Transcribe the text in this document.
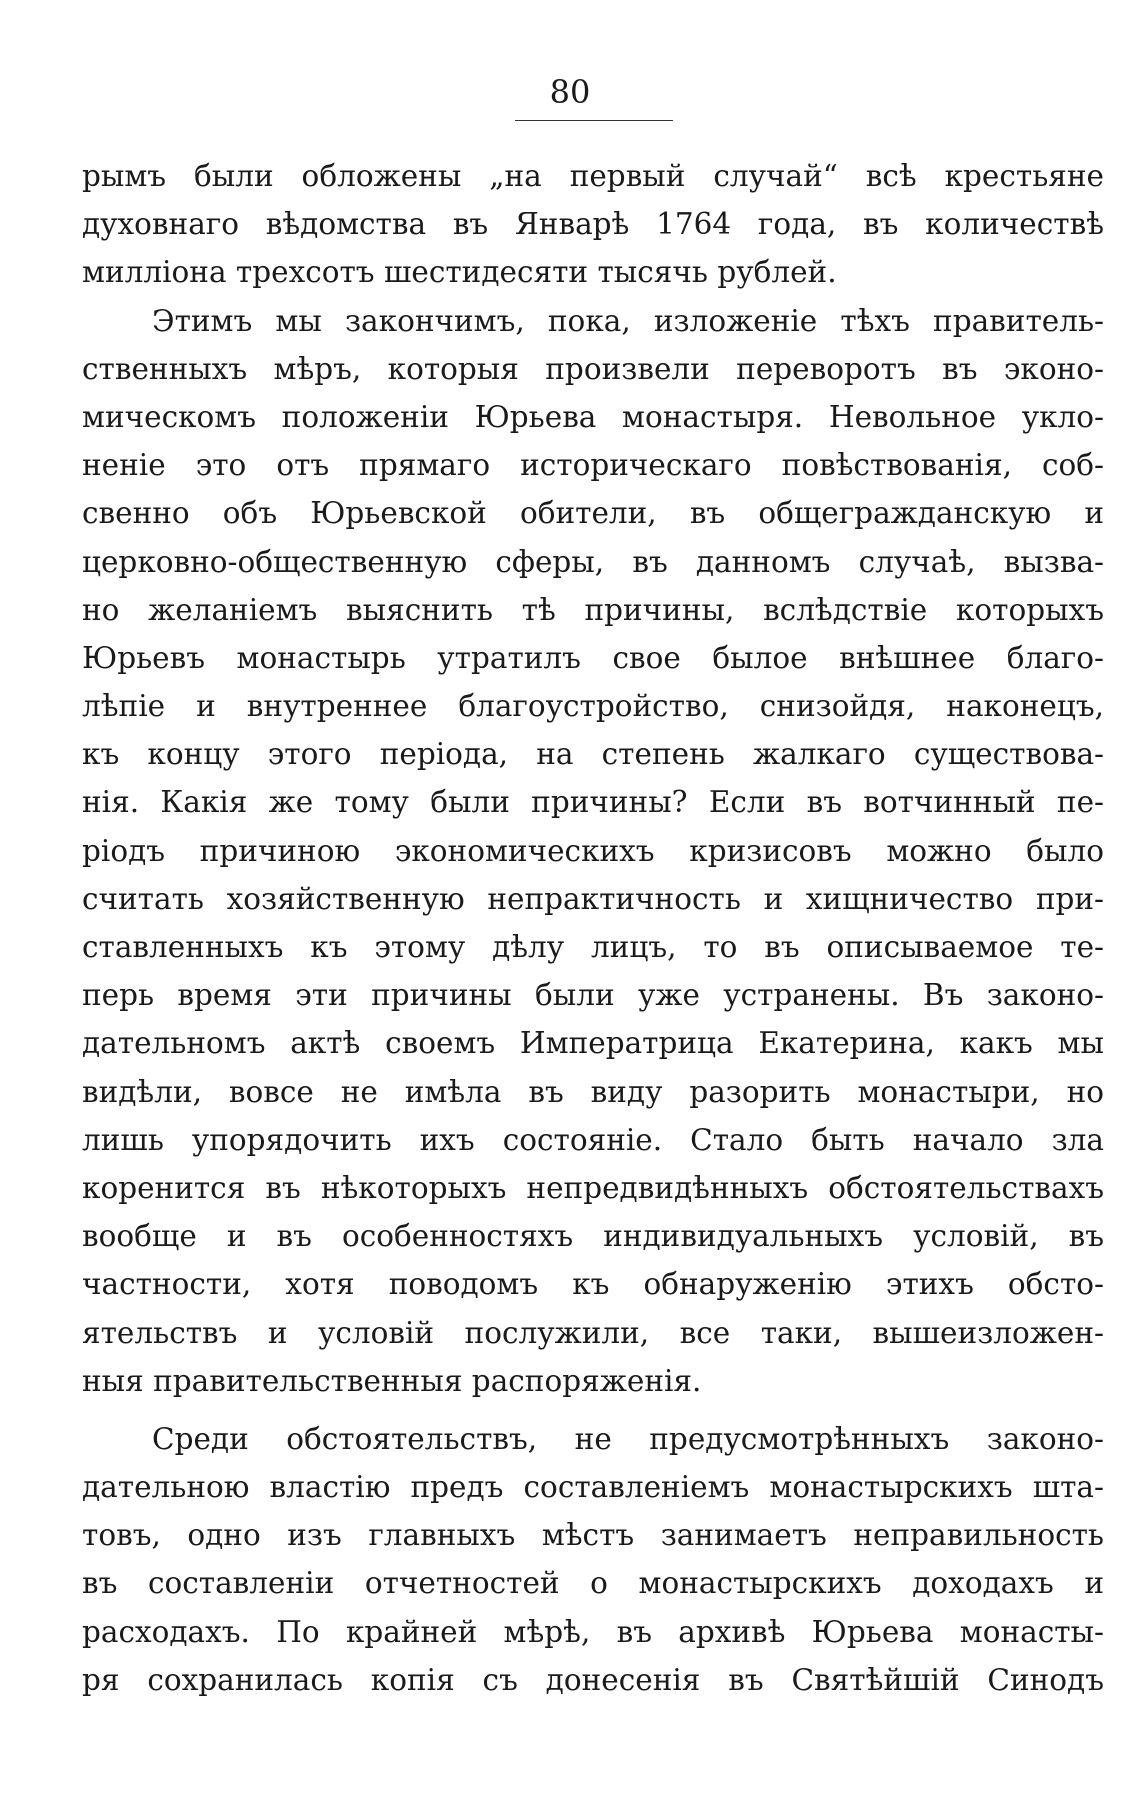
80
рымъ были обложены „на первый случай“ всѣ крестьяне
духовнаго вѣдомства въ Январѣ 1764 года, въ количествѣ
милліона трехсотъ шестидесяти тысячь рублей.
Этимъ мы закончимъ, пока, изложеніе тѣхъ правитель-
ственныхъ мѣръ, которыя произвели переворотъ въ эконо-
мическомъ положеніи Юрьева монастыря. Невольное укло-
неніе это отъ прямаго историческаго повѣствованія, соб-
свенно объ Юрьевской обители, въ общегражданскую и
церковно-общественную сферы, въ данномъ случаѣ, вызва-
но желаніемъ выяснить тѣ причины, вслѣдствіе которыхъ
Юрьевъ монастырь утратилъ свое былое внѣшнее благо-
лѣпіе и внутреннее благоустройство, снизойдя, наконецъ,
къ концу этого періода, на степень жалкаго существова-
нія. Какія же тому были причины? Если въ вотчинный пе-
ріодъ причиною экономическихъ кризисовъ можно было
считать хозяйственную непрактичность и хищничество при-
ставленныхъ къ этому дѣлу лицъ, то въ описываемое те-
перь время эти причины были уже устранены. Въ законо-
дательномъ актѣ своемъ Императрица Екатерина, какъ мы
видѣли, вовсе не имѣла въ виду разорить монастыри, но
лишь упорядочить ихъ состояніе. Стало быть начало зла
коренится въ нѣкоторыхъ непредвидѣнныхъ обстоятельствахъ
вообще и въ особенностяхъ индивидуальныхъ условій, въ
частности, хотя поводомъ къ обнаруженію этихъ обсто-
ятельствъ и условій послужили, все таки, вышеизложен-
ныя правительственныя распоряженія.
Среди обстоятельствъ, не предусмотрѣнныхъ законо-
дательною властію предъ составленіемъ монастырскихъ шта-
товъ, одно изъ главныхъ мѣстъ занимаетъ неправильность
въ составленіи отчетностей о монастырскихъ доходахъ и
расходахъ. По крайней мѣрѣ, въ архивѣ Юрьева монасты-
ря сохранилась копія съ донесенія въ Святѣйшій Синодъ
